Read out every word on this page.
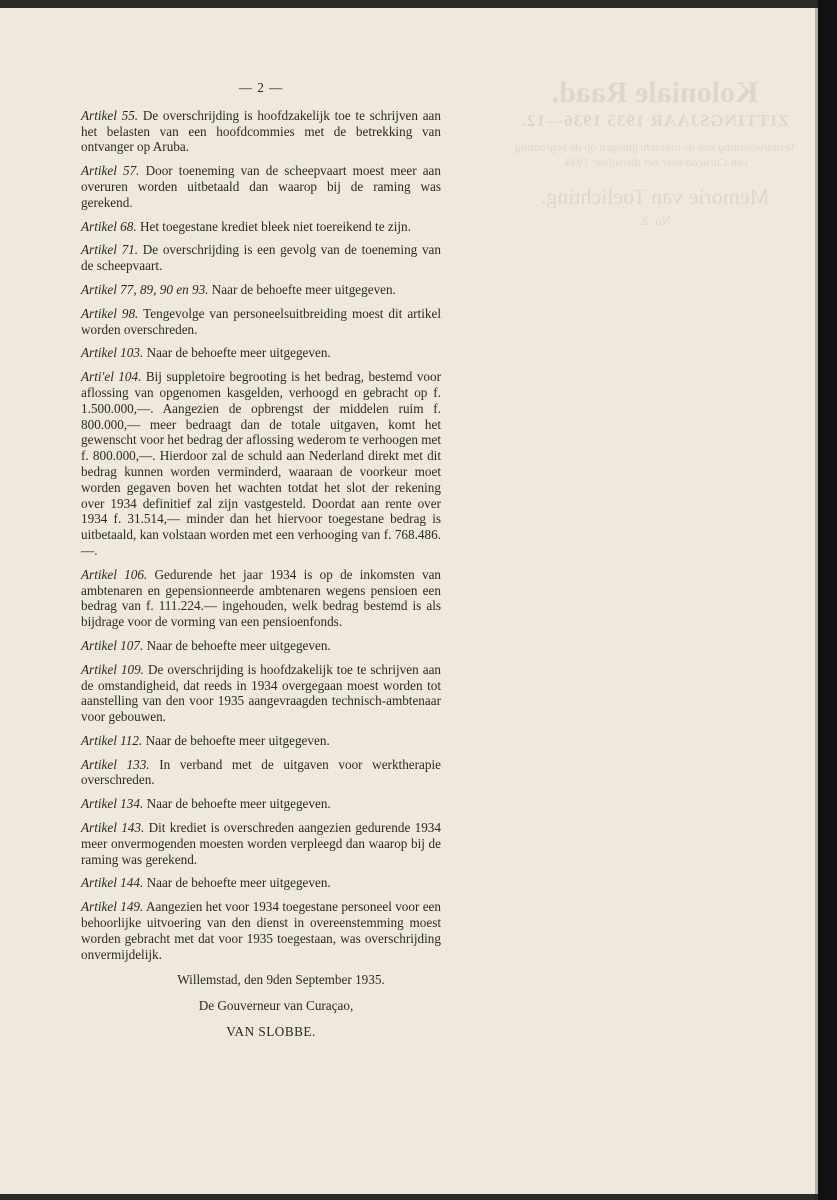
Koloniale Raad.
ZITTINGSJAAR 1935 1936—12.
Verantwoording van de overschrijdingen op de begrooting van Curaçao over het dienstjaar 1934.
Memorie van Toelichting.
No. 2.
— 2 —

Artikel 55. De overschrijding is hoofdzakelijk toe te schrijven aan het belasten van een hoofdcommies met de betrekking van ontvanger op Aruba.

Artikel 57. Door toeneming van de scheepvaart moest meer aan overuren worden uitbetaald dan waarop bij de raming was gerekend.

Artikel 68. Het toegestane krediet bleek niet toereikend te zijn.

Artikel 71. De overschrijding is een gevolg van de toeneming van de scheepvaart.

Artikel 77, 89, 90 en 93. Naar de behoefte meer uitgegeven.

Artikel 98. Tengevolge van personeelsuitbreiding moest dit artikel worden overschreden.

Artikel 103. Naar de behoefte meer uitgegeven.

Arti'el 104. Bij suppletoire begrooting is het bedrag, bestemd voor aflossing van opgenomen kasgelden, verhoogd en gebracht op f. 1.500.000,—. Aangezien de opbrengst der middelen ruim f. 800.000,— meer bedraagt dan de totale uitgaven, komt het gewenscht voor het bedrag der aflossing wederom te verhoogen met f. 800.000,—. Hierdoor zal de schuld aan Nederland direkt met dit bedrag kunnen worden verminderd, waaraan de voorkeur moet worden gegaven boven het wachten totdat het slot der rekening over 1934 definitief zal zijn vastgesteld. Doordat aan rente over 1934 f. 31.514,— minder dan het hiervoor toegestane bedrag is uitbetaald, kan volstaan worden met een verhooging van f. 768.486.—.

Artikel 106. Gedurende het jaar 1934 is op de inkomsten van ambtenaren en gepensionneerde ambtenaren wegens pensioen een bedrag van f. 111.224.— ingehouden, welk bedrag bestemd is als bijdrage voor de vorming van een pensioenfonds.

Artikel 107. Naar de behoefte meer uitgegeven.

Artikel 109. De overschrijding is hoofdzakelijk toe te schrijven aan de omstandigheid, dat reeds in 1934 overgegaan moest worden tot aanstelling van den voor 1935 aangevraagden technisch-ambtenaar voor gebouwen.

Artikel 112. Naar de behoefte meer uitgegeven.

Artikel 133. In verband met de uitgaven voor werktherapie overschreden.

Artikel 134. Naar de behoefte meer uitgegeven.

Artikel 143. Dit krediet is overschreden aangezien gedurende 1934 meer onvermogenden moesten worden verpleegd dan waarop bij de raming was gerekend.

Artikel 144. Naar de behoefte meer uitgegeven.

Artikel 149. Aangezien het voor 1934 toegestane personeel voor een behoorlijke uitvoering van den dienst in overeenstemming moest worden gebracht met dat voor 1935 toegestaan, was overschrijding onvermijdelijk.

Willemstad, den 9den September 1935.
De Gouverneur van Curaçao,
VAN SLOBBE.
